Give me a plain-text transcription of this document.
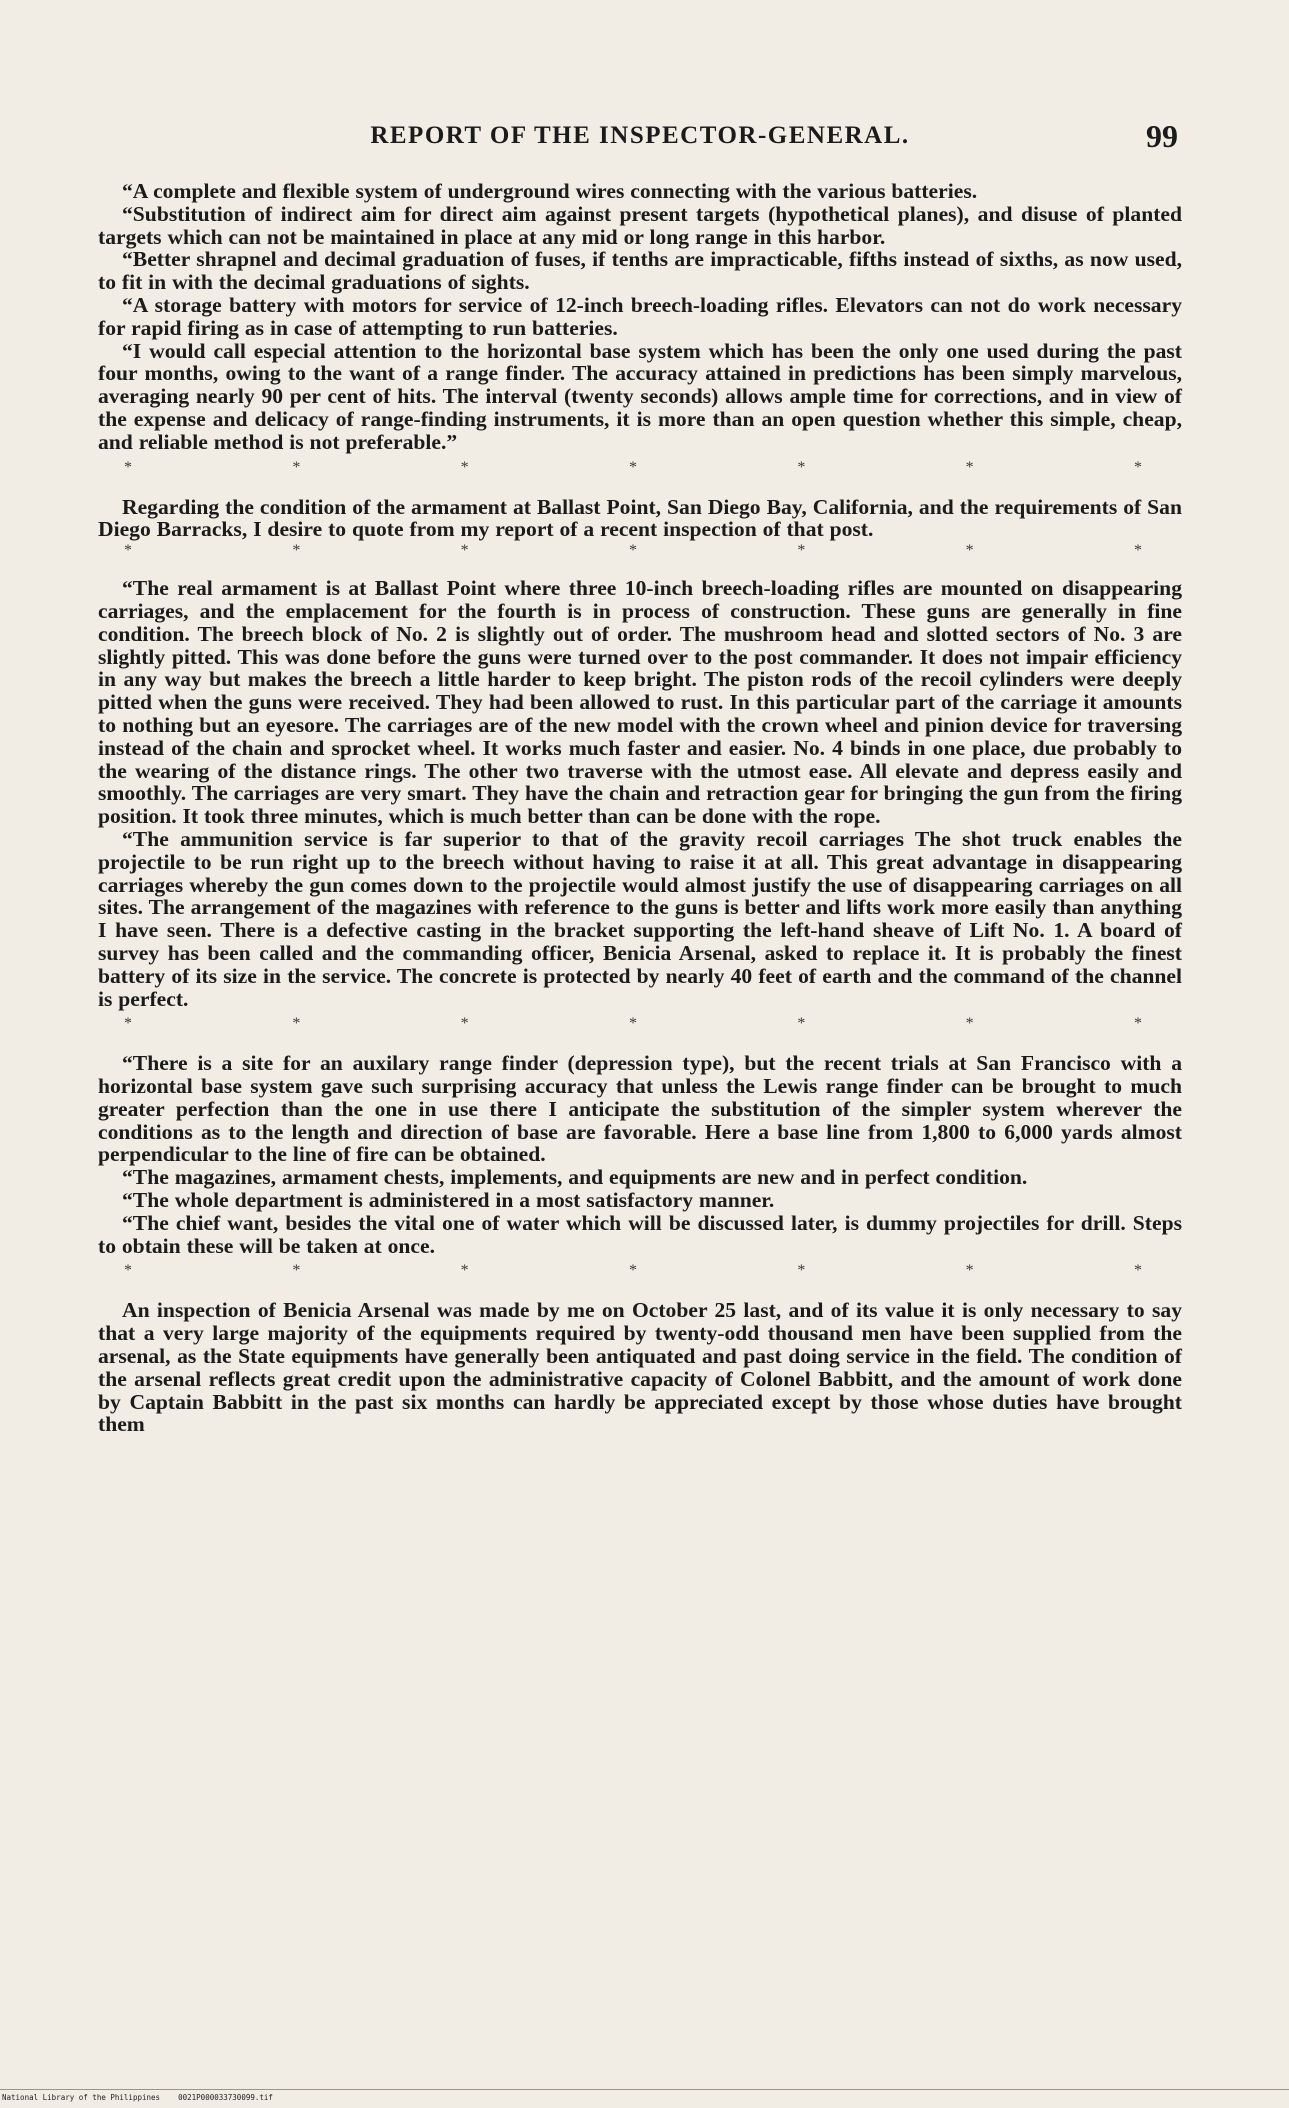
REPORT OF THE INSPECTOR-GENERAL.	99

“A complete and flexible system of underground wires connecting with the various batteries.

“Substitution of indirect aim for direct aim against present targets (hypothetical planes), and disuse of planted targets which can not be maintained in place at any mid or long range in this harbor.

“Better shrapnel and decimal graduation of fuses, if tenths are impracticable, fifths instead of sixths, as now used, to fit in with the decimal graduations of sights.

“A storage battery with motors for service of 12-inch breech-loading rifles. Elevators can not do work necessary for rapid firing as in case of attempting to run batteries.

“I would call especial attention to the horizontal base system which has been the only one used during the past four months, owing to the want of a range finder. The accuracy attained in predictions has been simply marvelous, averaging nearly 90 per cent of hits. The interval (twenty seconds) allows ample time for corrections, and in view of the expense and delicacy of range-finding instruments, it is more than an open question whether this simple, cheap, and reliable method is not preferable.”

*	*	*	*	*	*	*

Regarding the condition of the armament at Ballast Point, San Diego Bay, California, and the requirements of San Diego Barracks, I desire to quote from my report of a recent inspection of that post.

*	*	*	*	*	*	*

“The real armament is at Ballast Point where three 10-inch breech-loading rifles are mounted on disappearing carriages, and the emplacement for the fourth is in process of construction. These guns are generally in fine condition. The breech block of No. 2 is slightly out of order. The mushroom head and slotted sectors of No. 3 are slightly pitted. This was done before the guns were turned over to the post commander. It does not impair efficiency in any way but makes the breech a little harder to keep bright. The piston rods of the recoil cylinders were deeply pitted when the guns were received. They had been allowed to rust. In this particular part of the carriage it amounts to nothing but an eyesore. The carriages are of the new model with the crown wheel and pinion device for traversing instead of the chain and sprocket wheel. It works much faster and easier. No. 4 binds in one place, due probably to the wearing of the distance rings. The other two traverse with the utmost ease. All elevate and depress easily and smoothly. The carriages are very smart. They have the chain and retraction gear for bringing the gun from the firing position. It took three minutes, which is much better than can be done with the rope.

“The ammunition service is far superior to that of the gravity recoil carriages The shot truck enables the projectile to be run right up to the breech without having to raise it at all. This great advantage in disappearing carriages whereby the gun comes down to the projectile would almost justify the use of disappearing carriages on all sites. The arrangement of the magazines with reference to the guns is better and lifts work more easily than anything I have seen. There is a defective casting in the bracket supporting the left-hand sheave of Lift No. 1. A board of survey has been called and the commanding officer, Benicia Arsenal, asked to replace it. It is probably the finest battery of its size in the service. The concrete is protected by nearly 40 feet of earth and the command of the channel is perfect.

*	*	*	*	*	*	*

“There is a site for an auxilary range finder (depression type), but the recent trials at San Francisco with a horizontal base system gave such surprising accuracy that unless the Lewis range finder can be brought to much greater perfection than the one in use there I anticipate the substitution of the simpler system wherever the conditions as to the length and direction of base are favorable. Here a base line from 1,800 to 6,000 yards almost perpendicular to the line of fire can be obtained.

“The magazines, armament chests, implements, and equipments are new and in perfect condition.

“The whole department is administered in a most satisfactory manner.

“The chief want, besides the vital one of water which will be discussed later, is dummy projectiles for drill. Steps to obtain these will be taken at once.

*	*	*	*	*	*	*

An inspection of Benicia Arsenal was made by me on October 25 last, and of its value it is only necessary to say that a very large majority of the equipments required by twenty-odd thousand men have been supplied from the arsenal, as the State equipments have generally been antiquated and past doing service in the field. The condition of the arsenal reflects great credit upon the administrative capacity of Colonel Babbitt, and the amount of work done by Captain Babbitt in the past six months can hardly be appreciated except by those whose duties have brought them

National Library of the Philippines 0021P000033730099.tif
